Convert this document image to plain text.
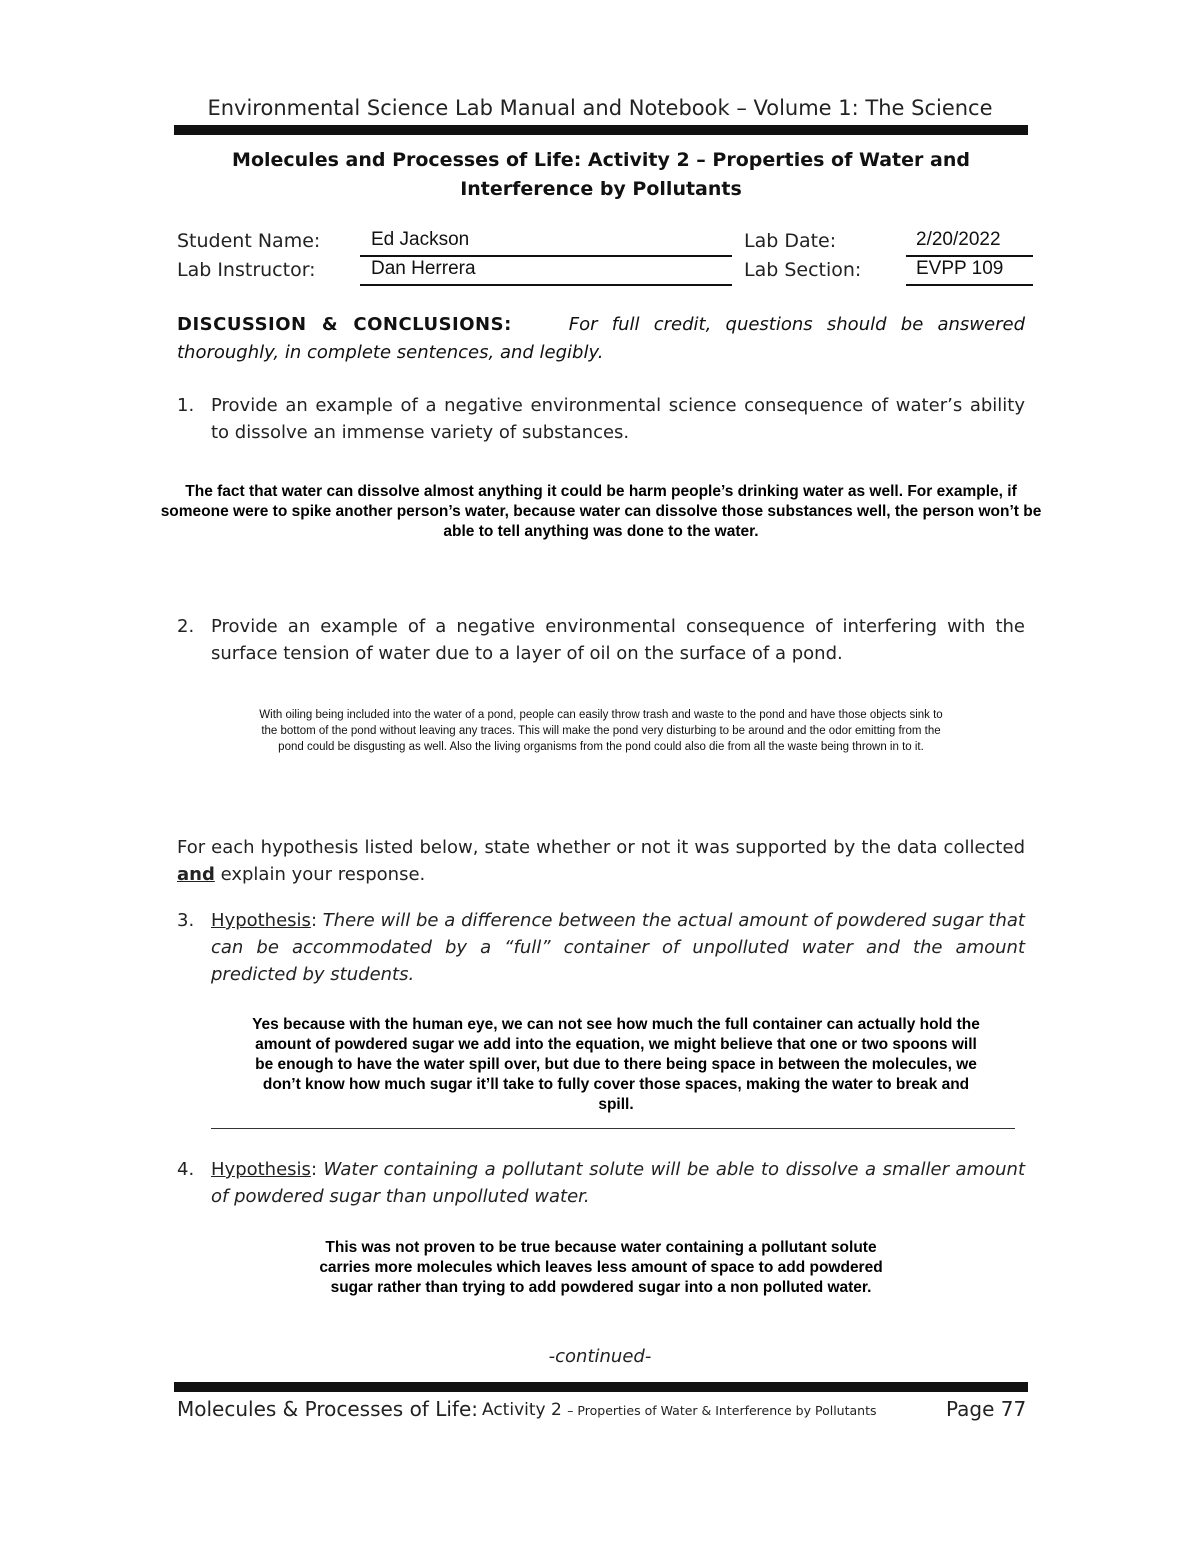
Environmental Science Lab Manual and Notebook – Volume 1: The Science
Molecules and Processes of Life: Activity 2 – Properties of Water and
Interference by Pollutants
Student Name:	Ed Jackson	Lab Date:	2/20/2022
Lab Instructor:	Dan Herrera	Lab Section:	EVPP 109
DISCUSSION & CONCLUSIONS:	For full credit, questions should be answered thoroughly, in complete sentences, and legibly.
1. Provide an example of a negative environmental science consequence of water’s ability to dissolve an immense variety of substances.
The fact that water can dissolve almost anything it could be harm people’s drinking water as well. For example, if someone were to spike another person’s water, because water can dissolve those substances well, the person won’t be able to tell anything was done to the water.
2. Provide an example of a negative environmental consequence of interfering with the surface tension of water due to a layer of oil on the surface of a pond.
With oiling being included into the water of a pond, people can easily throw trash and waste to the pond and have those objects sink to the bottom of the pond without leaving any traces. This will make the pond very disturbing to be around and the odor emitting from the pond could be disgusting as well. Also the living organisms from the pond could also die from all the waste being thrown in to it.
For each hypothesis listed below, state whether or not it was supported by the data collected and explain your response.
3. Hypothesis: There will be a difference between the actual amount of powdered sugar that can be accommodated by a “full” container of unpolluted water and the amount predicted by students.
Yes because with the human eye, we can not see how much the full container can actually hold the amount of powdered sugar we add into the equation, we might believe that one or two spoons will be enough to have the water spill over, but due to there being space in between the molecules, we don’t know how much sugar it’ll take to fully cover those spaces, making the water to break and spill.
4. Hypothesis: Water containing a pollutant solute will be able to dissolve a smaller amount of powdered sugar than unpolluted water.
This was not proven to be true because water containing a pollutant solute carries more molecules which leaves less amount of space to add powdered sugar rather than trying to add powdered sugar into a non polluted water.
-continued-
Molecules & Processes of Life: Activity 2 – Properties of Water & Interference by Pollutants	Page 77
